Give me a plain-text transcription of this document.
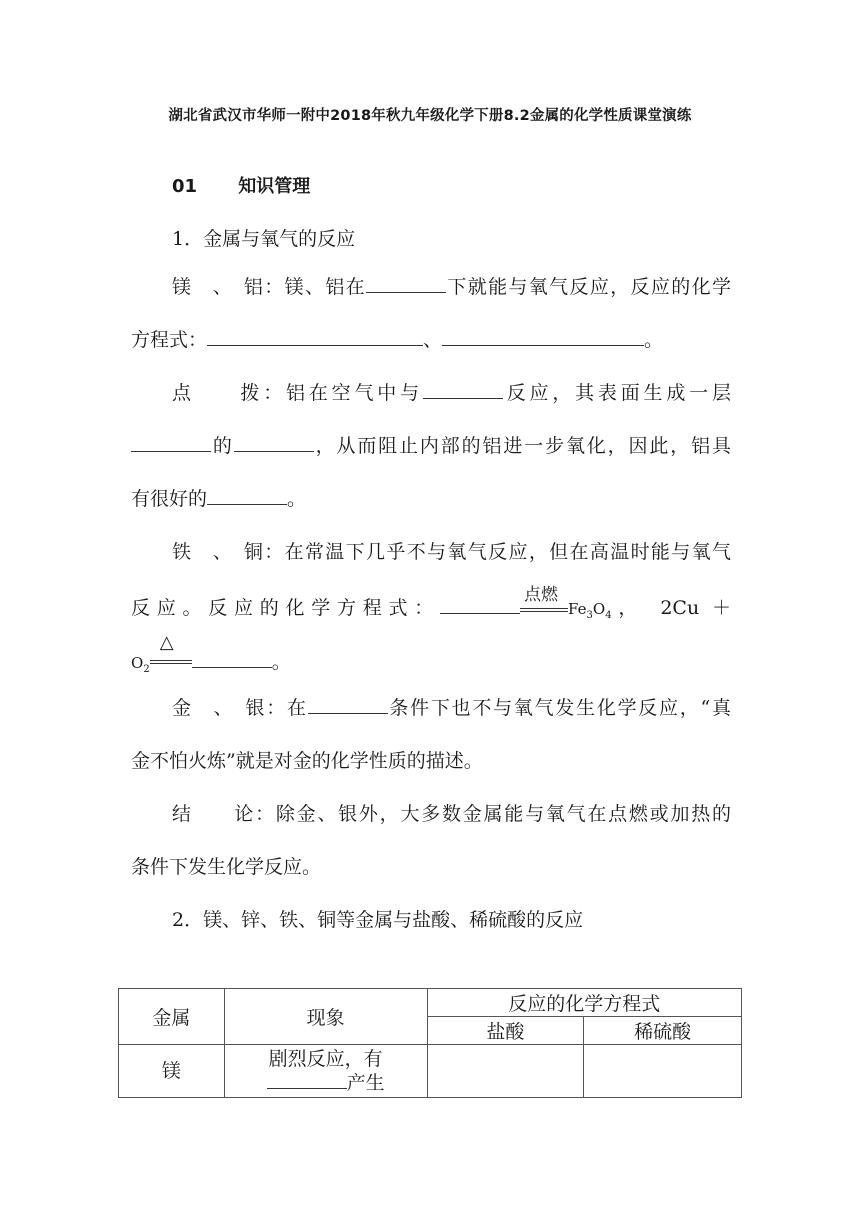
湖北省武汉市华师一附中2018年秋九年级化学下册8.2金属的化学性质课堂演练
01 知识管理
1．金属与氧气的反应
镁　、　铝：镁、铝在	下就能与氧气反应，反应的化学
方程式：	、	。
点　　拨：铝在空气中与	反应，其表面生成一层
的	，从而阻止内部的铝进一步氧化，因此，铝具
有很好的	。
铁　、　铜：在常温下几乎不与氧气反应，但在高温时能与氧气
反应。反应的化学方程式：
点燃
$Fe_3O_4$，　2Cu ＋
$O_2$
△
。
金　、　银：在	条件下也不与氧气发生化学反应，“真
金不怕火炼”就是对金的化学性质的描述。
结　　论：除金、银外，大多数金属能与氧气在点燃或加热的
条件下发生化学反应。
2．镁、锌、铁、铜等金属与盐酸、稀硫酸的反应
金属	现象	反应的化学方程式	
		盐酸	稀硫酸
镁	剧烈反应，有
产生		
